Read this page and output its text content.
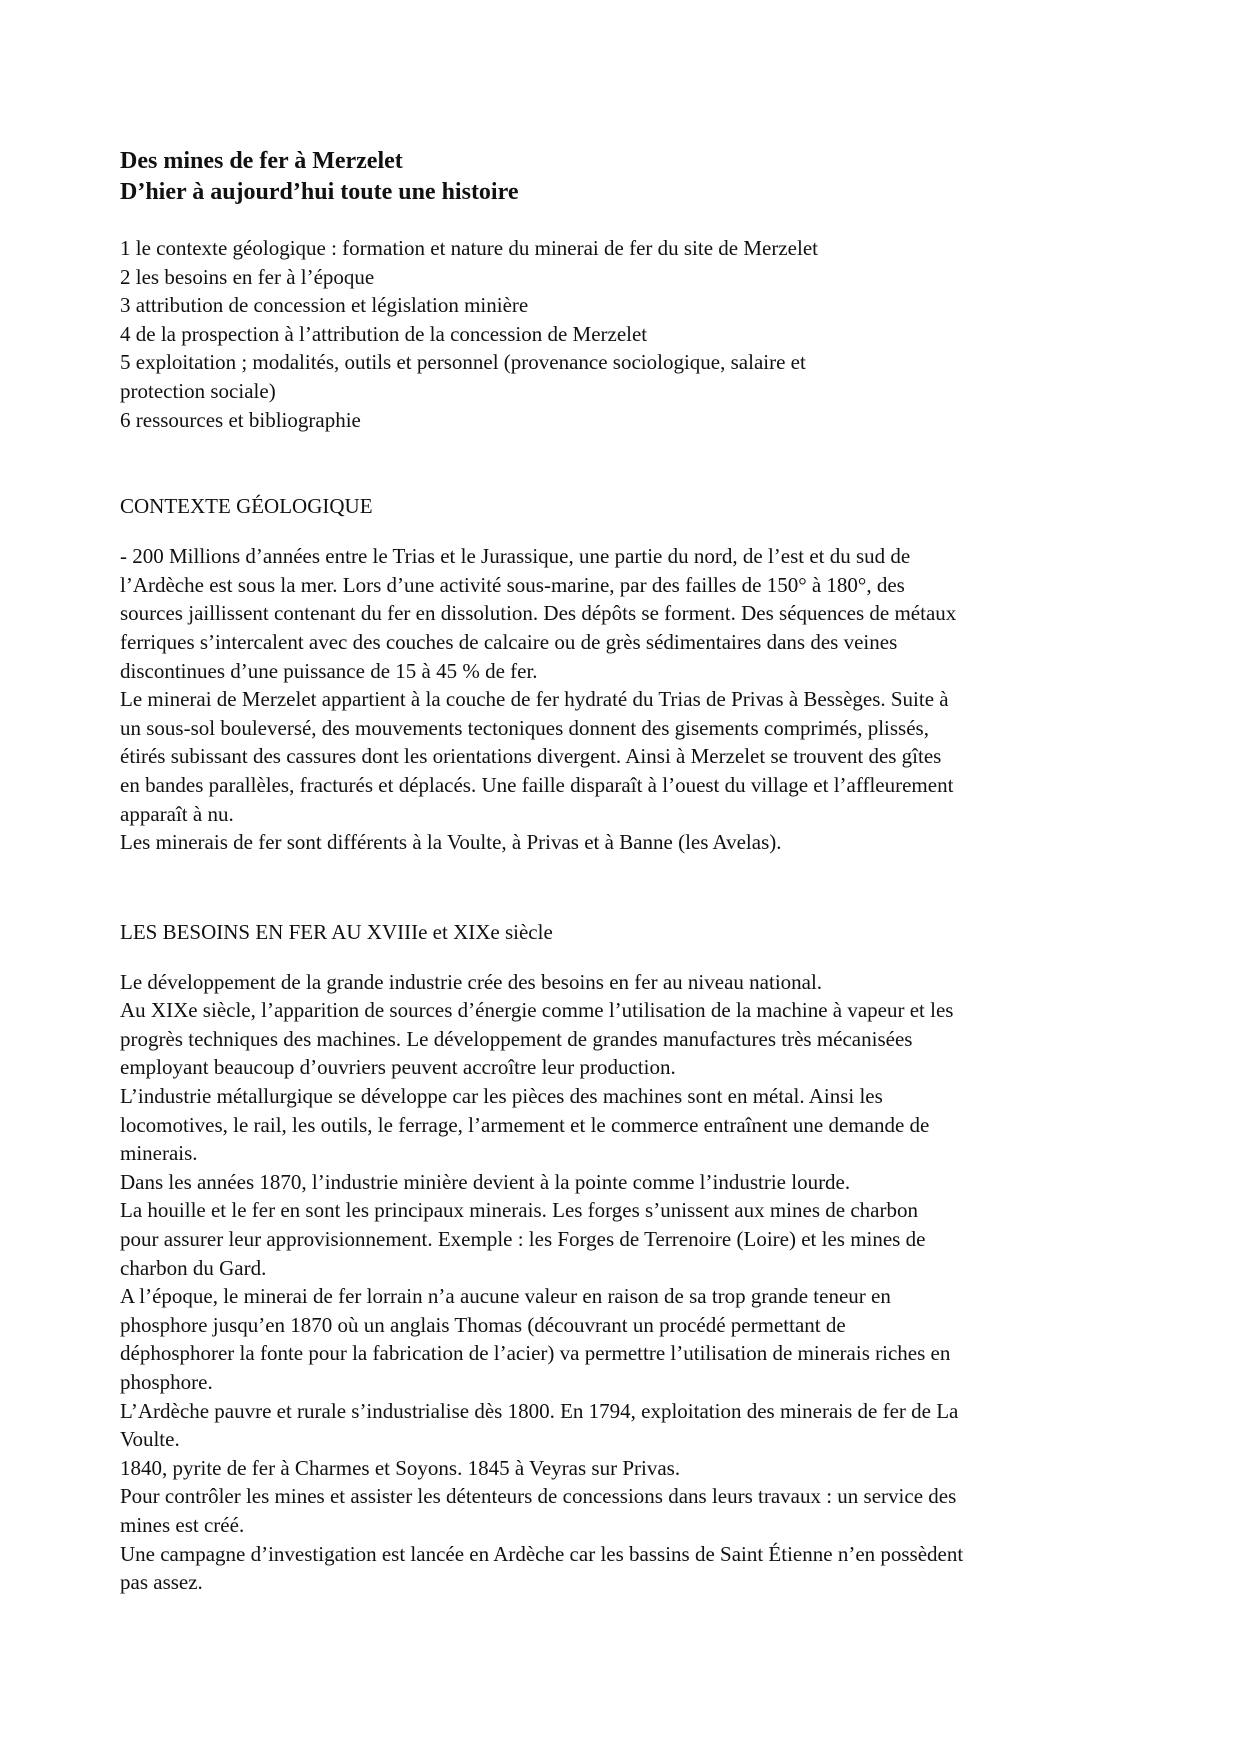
Des mines de fer à Merzelet
D’hier à aujourd’hui toute une histoire
1 le contexte géologique : formation et nature du minerai de fer du site de Merzelet
2 les besoins en fer à l’époque
3 attribution de concession et législation minière
4 de la prospection à l’attribution de la concession de Merzelet
5 exploitation ; modalités, outils et personnel (provenance sociologique, salaire et
protection sociale)
6 ressources et bibliographie
CONTEXTE GÉOLOGIQUE
- 200 Millions d’années entre le Trias et le Jurassique, une partie du nord, de l’est et du sud de
l’Ardèche est sous la mer. Lors d’une activité sous-marine, par des failles de 150° à 180°, des
sources jaillissent contenant du fer en dissolution. Des dépôts se forment. Des séquences de métaux
ferriques s’intercalent avec des couches de calcaire ou de grès sédimentaires dans des veines
discontinues d’une puissance de 15 à 45 % de fer.
Le minerai de Merzelet appartient à la couche de fer hydraté du Trias de Privas à Bessèges. Suite à
un sous-sol bouleversé, des mouvements tectoniques donnent des gisements comprimés, plissés,
étirés subissant des cassures dont les orientations divergent. Ainsi à Merzelet se trouvent des gîtes
en bandes parallèles, fracturés et déplacés. Une faille disparaît à l’ouest du village et l’affleurement
apparaît à nu.
Les minerais de fer sont différents à la Voulte, à Privas et à Banne (les Avelas).
LES BESOINS EN FER AU XVIIIe et XIXe siècle
Le développement de la grande industrie crée des besoins en fer au niveau national.
Au XIXe siècle, l’apparition de sources d’énergie comme l’utilisation de la machine à vapeur et les
progrès techniques des machines. Le développement de grandes manufactures très mécanisées
employant beaucoup d’ouvriers peuvent accroître leur production.
L’industrie métallurgique se développe car les pièces des machines sont en métal. Ainsi les
locomotives, le rail, les outils, le ferrage, l’armement et le commerce entraînent une demande de
minerais.
Dans les années 1870, l’industrie minière devient à la pointe comme l’industrie lourde.
La houille et le fer en sont les principaux minerais. Les forges s’unissent aux mines de charbon
pour assurer leur approvisionnement. Exemple : les Forges de Terrenoire (Loire) et les mines de
charbon du Gard.
A l’époque, le minerai de fer lorrain n’a aucune valeur en raison de sa trop grande teneur en
phosphore jusqu’en 1870 où un anglais Thomas (découvrant un procédé permettant de
déphosphorer la fonte pour la fabrication de l’acier) va permettre l’utilisation de minerais riches en
phosphore.
L’Ardèche pauvre et rurale s’industrialise dès 1800. En 1794, exploitation des minerais de fer de La
Voulte.
1840, pyrite de fer à Charmes et Soyons. 1845 à Veyras sur Privas.
Pour contrôler les mines et assister les détenteurs de concessions dans leurs travaux : un service des
mines est créé.
Une campagne d’investigation est lancée en Ardèche car les bassins de Saint Étienne n’en possèdent
pas assez.
